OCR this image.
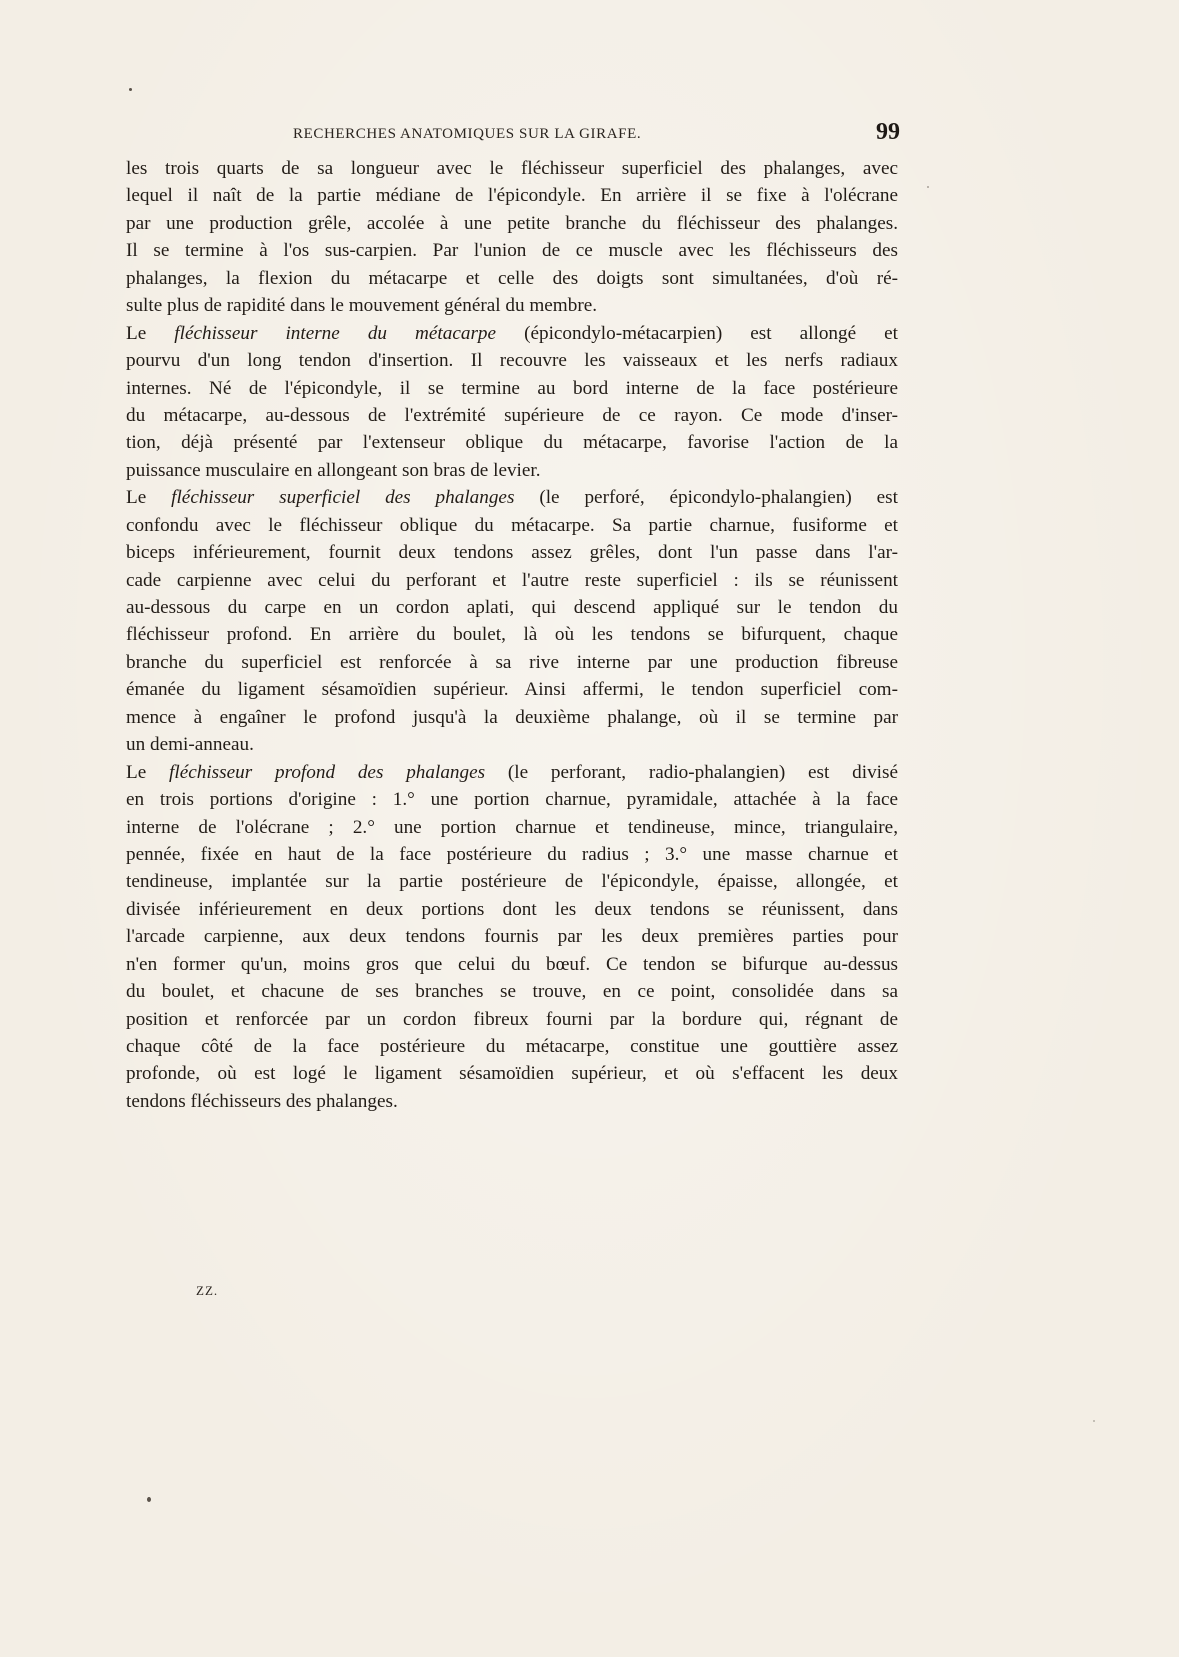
RECHERCHES ANATOMIQUES SUR LA GIRAFE.	99

les trois quarts de sa longueur avec le fléchisseur superficiel des phalanges, avec
lequel il naît de la partie médiane de l'épicondyle. En arrière il se fixe à l'olécrane
par une production grêle, accolée à une petite branche du fléchisseur des phalanges.
Il se termine à l'os sus-carpien. Par l'union de ce muscle avec les fléchisseurs des
phalanges, la flexion du métacarpe et celle des doigts sont simultanées, d'où ré-
sulte plus de rapidité dans le mouvement général du membre.

Le fléchisseur interne du métacarpe (épicondylo-métacarpien) est allongé et
pourvu d'un long tendon d'insertion. Il recouvre les vaisseaux et les nerfs radiaux
internes. Né de l'épicondyle, il se termine au bord interne de la face postérieure
du métacarpe, au-dessous de l'extrémité supérieure de ce rayon. Ce mode d'inser-
tion, déjà présenté par l'extenseur oblique du métacarpe, favorise l'action de la
puissance musculaire en allongeant son bras de levier.

Le fléchisseur superficiel des phalanges (le perforé, épicondylo-phalangien) est
confondu avec le fléchisseur oblique du métacarpe. Sa partie charnue, fusiforme et
biceps inférieurement, fournit deux tendons assez grêles, dont l'un passe dans l'ar-
cade carpienne avec celui du perforant et l'autre reste superficiel : ils se réunissent
au-dessous du carpe en un cordon aplati, qui descend appliqué sur le tendon du
fléchisseur profond. En arrière du boulet, là où les tendons se bifurquent, chaque
branche du superficiel est renforcée à sa rive interne par une production fibreuse
émanée du ligament sésamoïdien supérieur. Ainsi affermi, le tendon superficiel com-
mence à engaîner le profond jusqu'à la deuxième phalange, où il se termine par
un demi-anneau.

Le fléchisseur profond des phalanges (le perforant, radio-phalangien) est divisé
en trois portions d'origine : 1.° une portion charnue, pyramidale, attachée à la face
interne de l'olécrane ; 2.° une portion charnue et tendineuse, mince, triangulaire,
pennée, fixée en haut de la face postérieure du radius ; 3.° une masse charnue et
tendineuse, implantée sur la partie postérieure de l'épicondyle, épaisse, allongée, et
divisée inférieurement en deux portions dont les deux tendons se réunissent, dans
l'arcade carpienne, aux deux tendons fournis par les deux premières parties pour
n'en former qu'un, moins gros que celui du bœuf. Ce tendon se bifurque au-dessus
du boulet, et chacune de ses branches se trouve, en ce point, consolidée dans sa
position et renforcée par un cordon fibreux fourni par la bordure qui, régnant de
chaque côté de la face postérieure du métacarpe, constitue une gouttière assez
profonde, où est logé le ligament sésamoïdien supérieur, et où s'effacent les deux
tendons fléchisseurs des phalanges.

ZZ.
